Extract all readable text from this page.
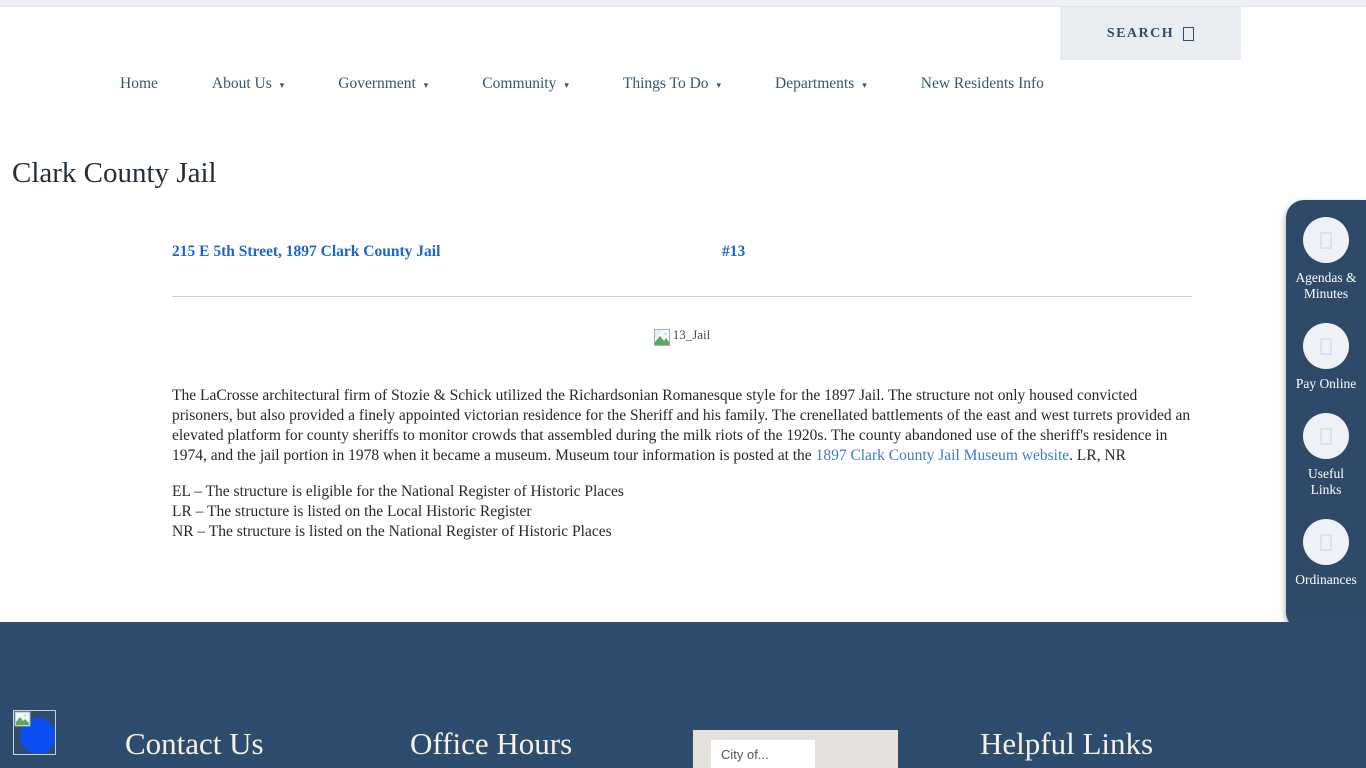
SEARCH
Home	About Us ▾	Government ▾	Community ▾	Things To Do ▾	Departments ▾	New Residents Info
Clark County Jail
215 E 5th Street, 1897 Clark County Jail	#13
13_Jail

The LaCrosse architectural firm of Stozie & Schick utilized the Richardsonian Romanesque style for the 1897 Jail. The structure not only housed convicted prisoners, but also provided a finely appointed victorian residence for the Sheriff and his family. The crenellated battlements of the east and west turrets provided an elevated platform for county sheriffs to monitor crowds that assembled during the milk riots of the 1920s. The county abandoned use of the sheriff's residence in 1974, and the jail portion in 1978 when it became a museum. Museum tour information is posted at the 1897 Clark County Jail Museum website. LR, NR

EL – The structure is eligible for the National Register of Historic Places
LR – The structure is listed on the Local Historic Register
NR – The structure is listed on the National Register of Historic Places
Agendas & Minutes
Pay Online
Useful Links
Ordinances
Contact Us	Office Hours	City of...	Helpful Links
